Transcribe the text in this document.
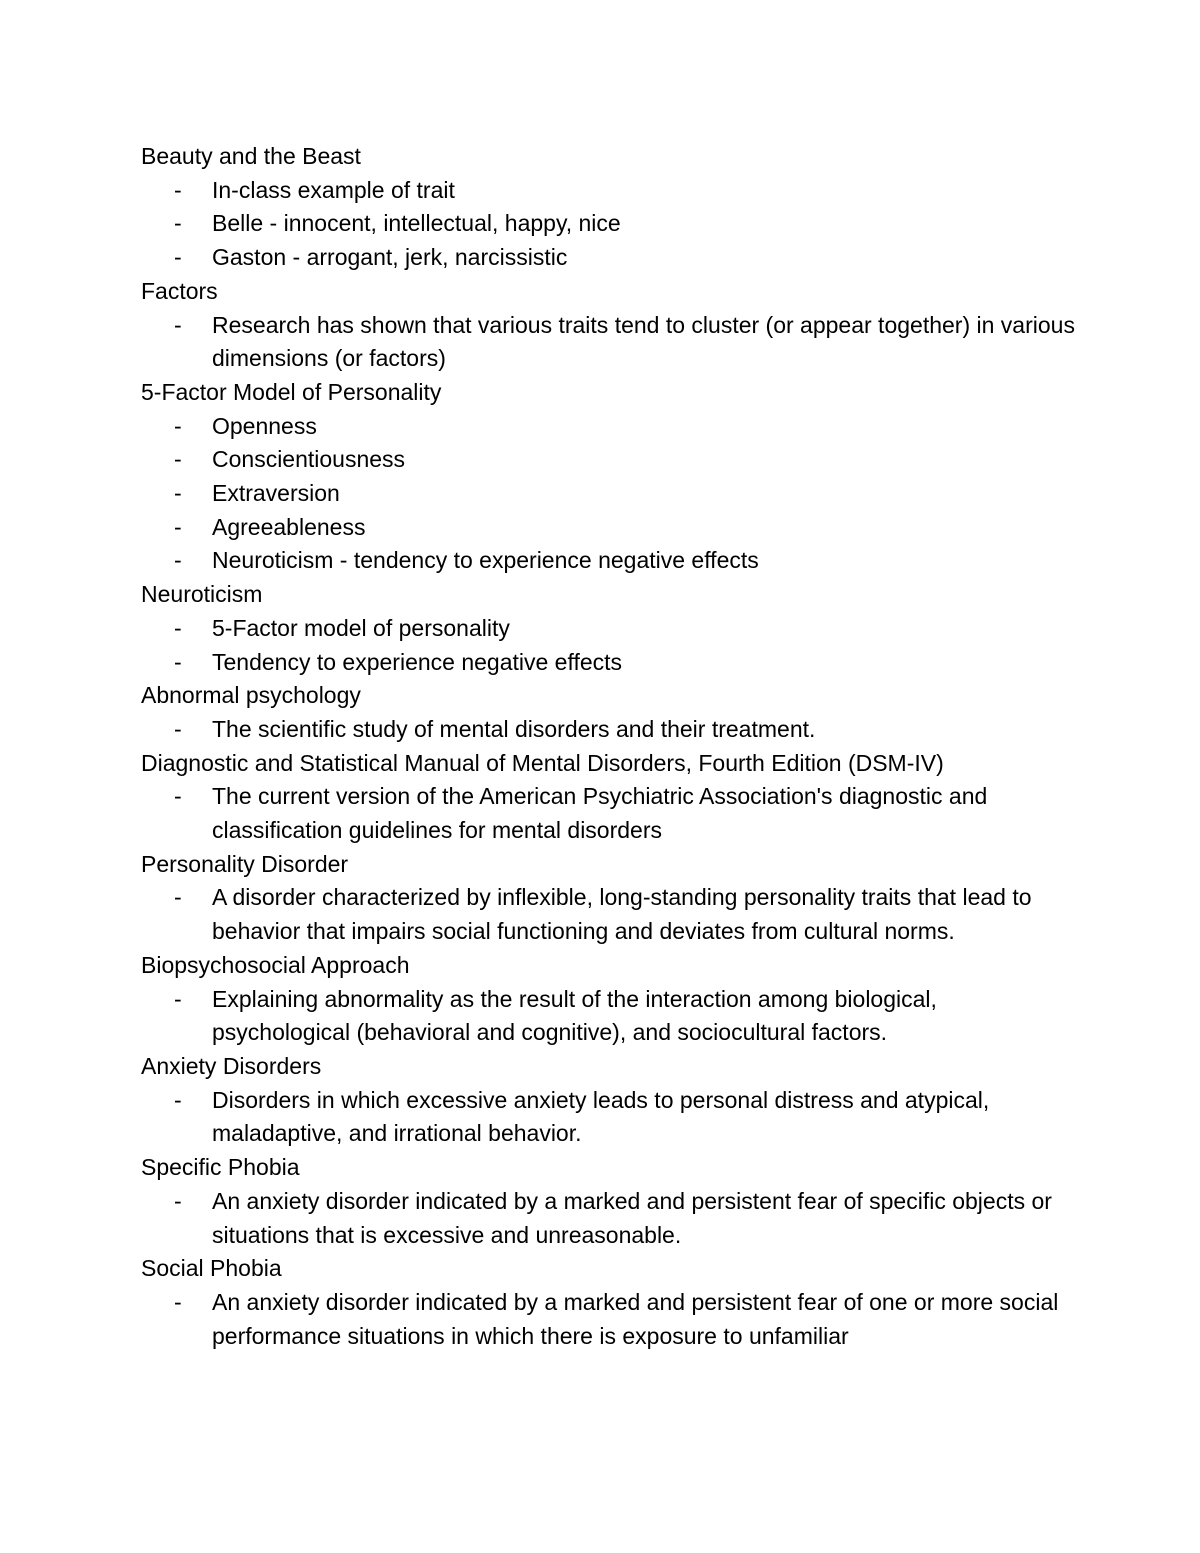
Beauty and the Beast
- In-class example of trait
- Belle - innocent, intellectual, happy, nice
- Gaston - arrogant, jerk, narcissistic
Factors
- Research has shown that various traits tend to cluster (or appear together) in various dimensions (or factors)
5-Factor Model of Personality
- Openness
- Conscientiousness
- Extraversion
- Agreeableness
- Neuroticism - tendency to experience negative effects
Neuroticism
- 5-Factor model of personality
- Tendency to experience negative effects
Abnormal psychology
- The scientific study of mental disorders and their treatment.
Diagnostic and Statistical Manual of Mental Disorders, Fourth Edition (DSM-IV)
- The current version of the American Psychiatric Association's diagnostic and classification guidelines for mental disorders
Personality Disorder
- A disorder characterized by inflexible, long-standing personality traits that lead to behavior that impairs social functioning and deviates from cultural norms.
Biopsychosocial Approach
- Explaining abnormality as the result of the interaction among biological, psychological (behavioral and cognitive), and sociocultural factors.
Anxiety Disorders
- Disorders in which excessive anxiety leads to personal distress and atypical, maladaptive, and irrational behavior.
Specific Phobia
- An anxiety disorder indicated by a marked and persistent fear of specific objects or situations that is excessive and unreasonable.
Social Phobia
- An anxiety disorder indicated by a marked and persistent fear of one or more social performance situations in which there is exposure to unfamiliar
